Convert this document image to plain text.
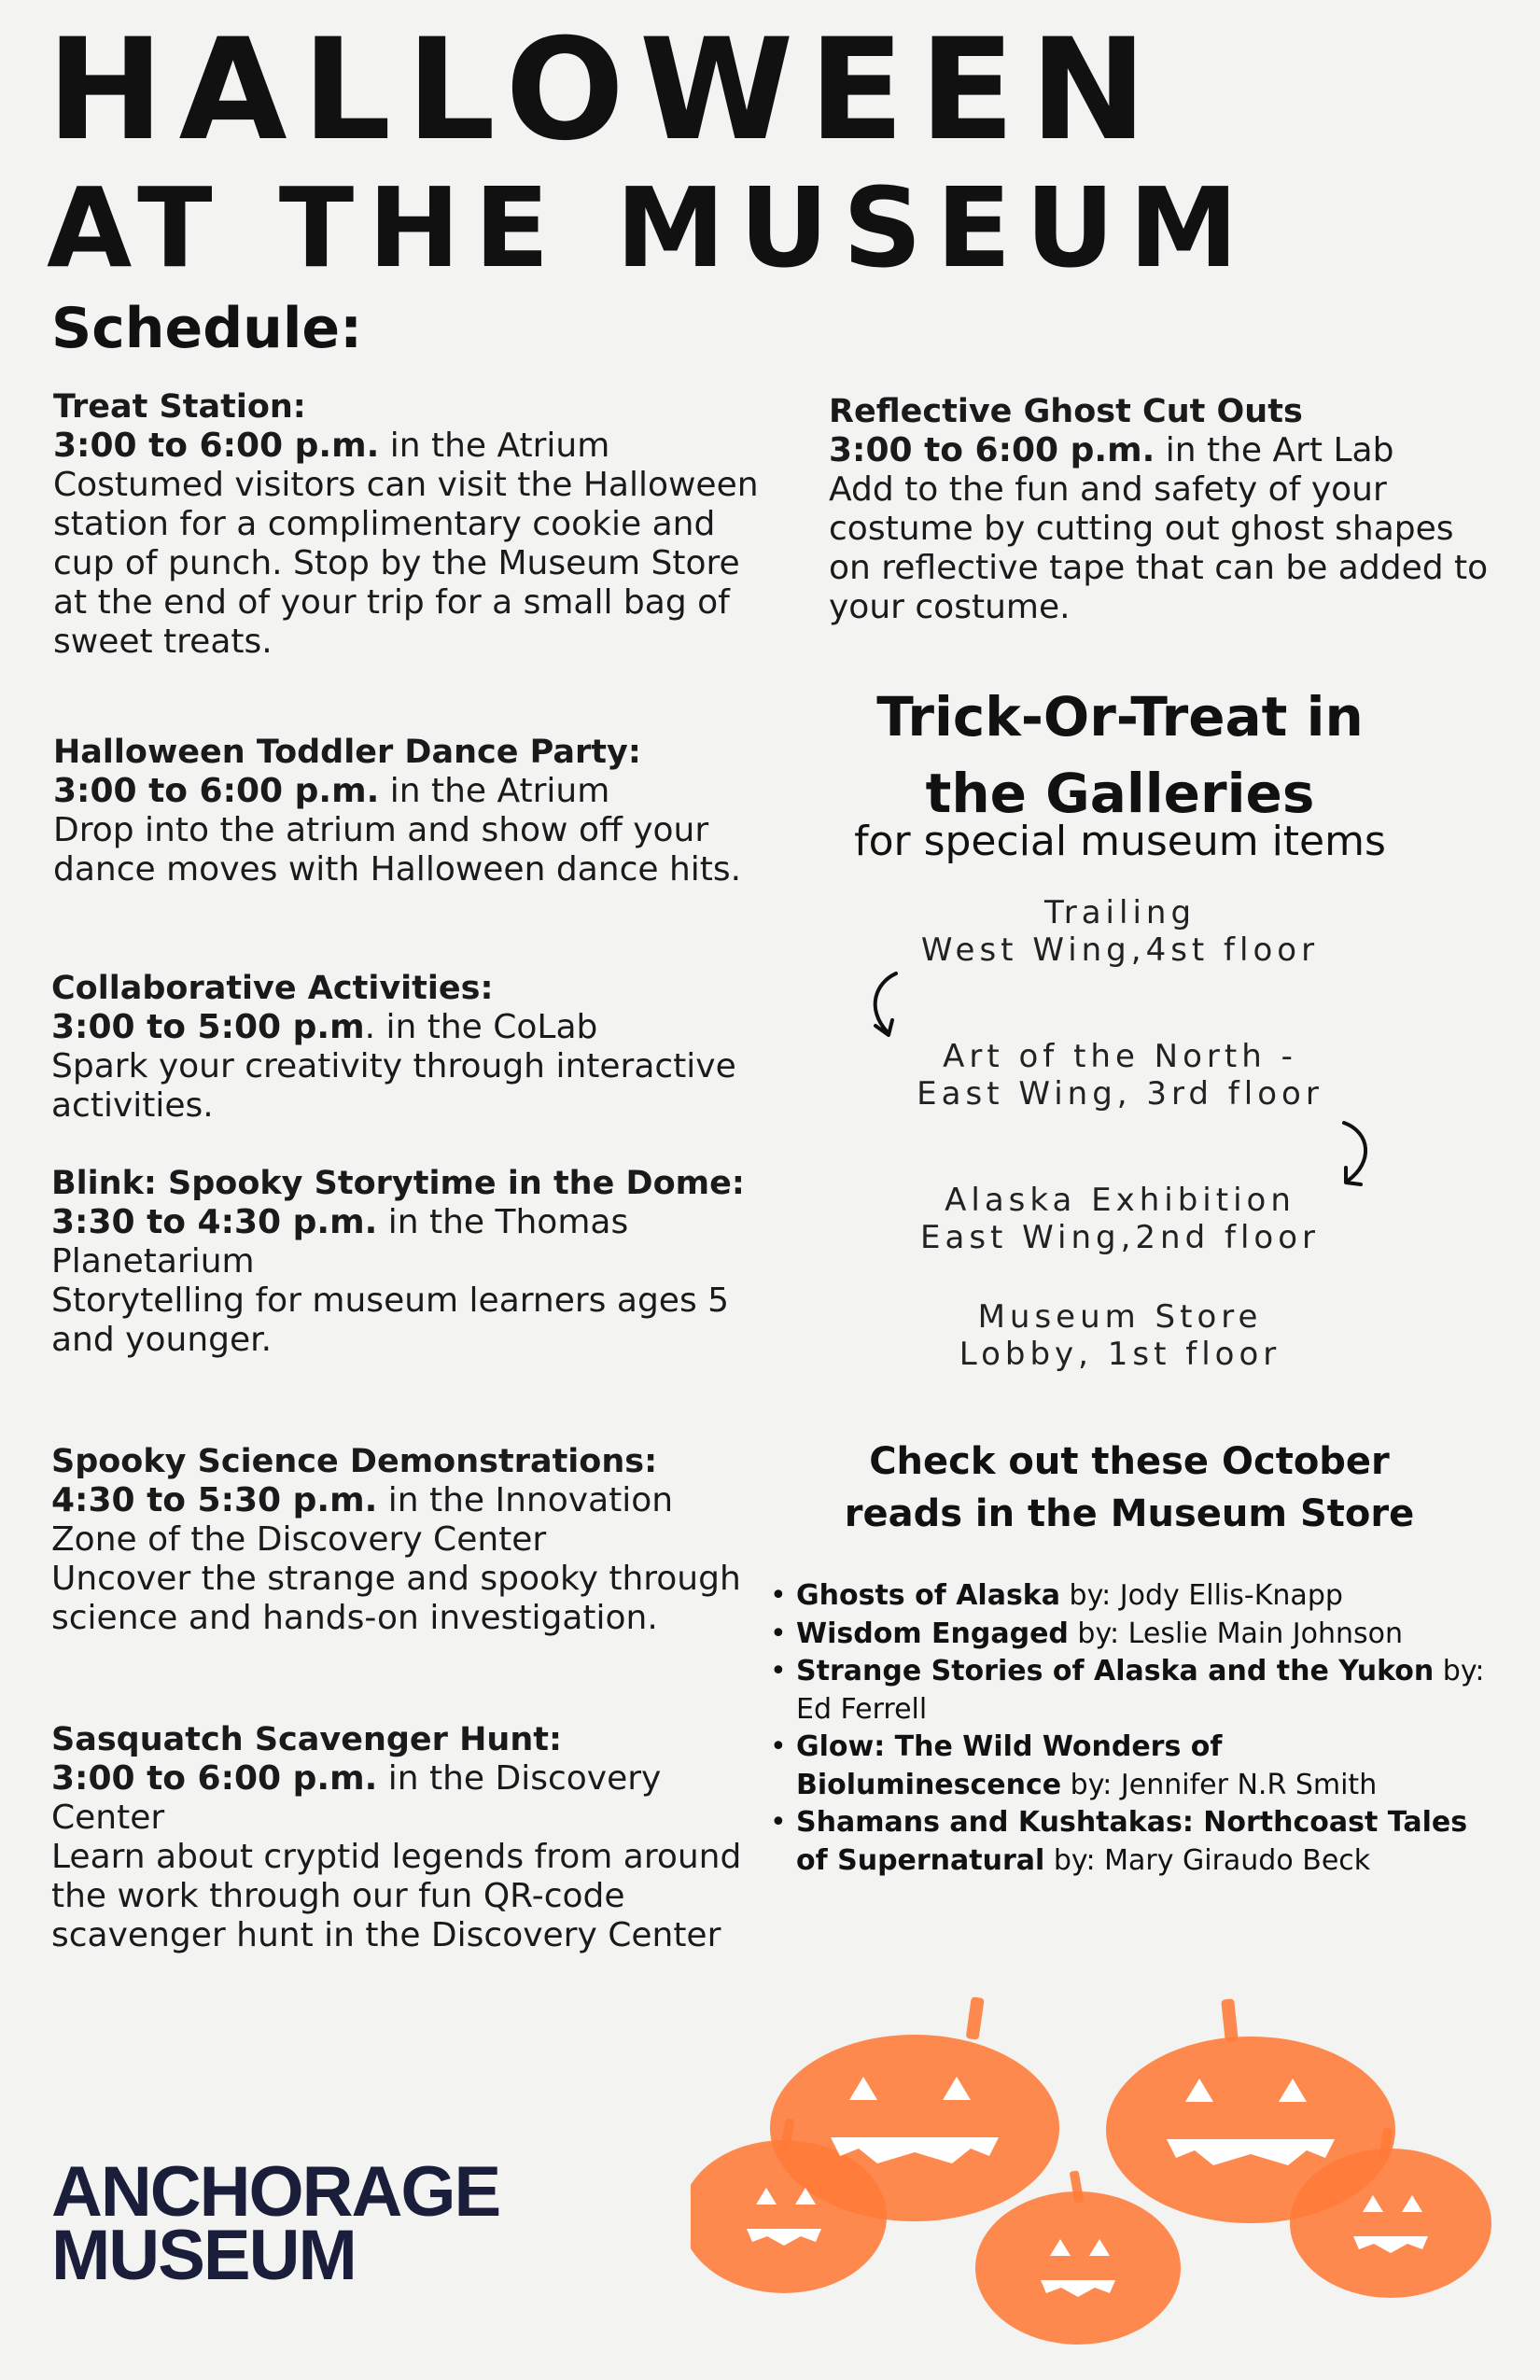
HALLOWEEN
AT THE MUSEUM
Schedule:
Treat Station:
3:00 to 6:00 p.m. in the Atrium
Costumed visitors can visit the Halloween station for a complimentary cookie and cup of punch. Stop by the Museum Store at the end of your trip for a small bag of sweet treats.
Halloween Toddler Dance Party:
3:00 to 6:00 p.m. in the Atrium
Drop into the atrium and show off your dance moves with Halloween dance hits.
Collaborative Activities:
3:00 to 5:00 p.m. in the CoLab
Spark your creativity through interactive activities.
Blink: Spooky Storytime in the Dome:
3:30 to 4:30 p.m. in the Thomas Planetarium
Storytelling for museum learners ages 5 and younger.
Spooky Science Demonstrations:
4:30 to 5:30 p.m. in the Innovation Zone of the Discovery Center
Uncover the strange and spooky through science and hands-on investigation.
Sasquatch Scavenger Hunt:
3:00 to 6:00 p.m. in the Discovery Center
Learn about cryptid legends from around the work through our fun QR-code scavenger hunt in the Discovery Center
Reflective Ghost Cut Outs
3:00 to 6:00 p.m. in the Art Lab
Add to the fun and safety of your costume by cutting out ghost shapes on reflective tape that can be added to your costume.
Trick-Or-Treat in
the Galleries
for special museum items
Trailing
West Wing,4st floor
Art of the North -
East Wing, 3rd floor
Alaska Exhibition
East Wing,2nd floor
Museum Store
Lobby, 1st floor
Check out these October
reads in the Museum Store
• Ghosts of Alaska by: Jody Ellis-Knapp
• Wisdom Engaged by: Leslie Main Johnson
• Strange Stories of Alaska and the Yukon by: Ed Ferrell
• Glow: The Wild Wonders of Bioluminescence by: Jennifer N.R Smith
• Shamans and Kushtakas: Northcoast Tales of Supernatural by: Mary Giraudo Beck
ANCHORAGE
MUSEUM
